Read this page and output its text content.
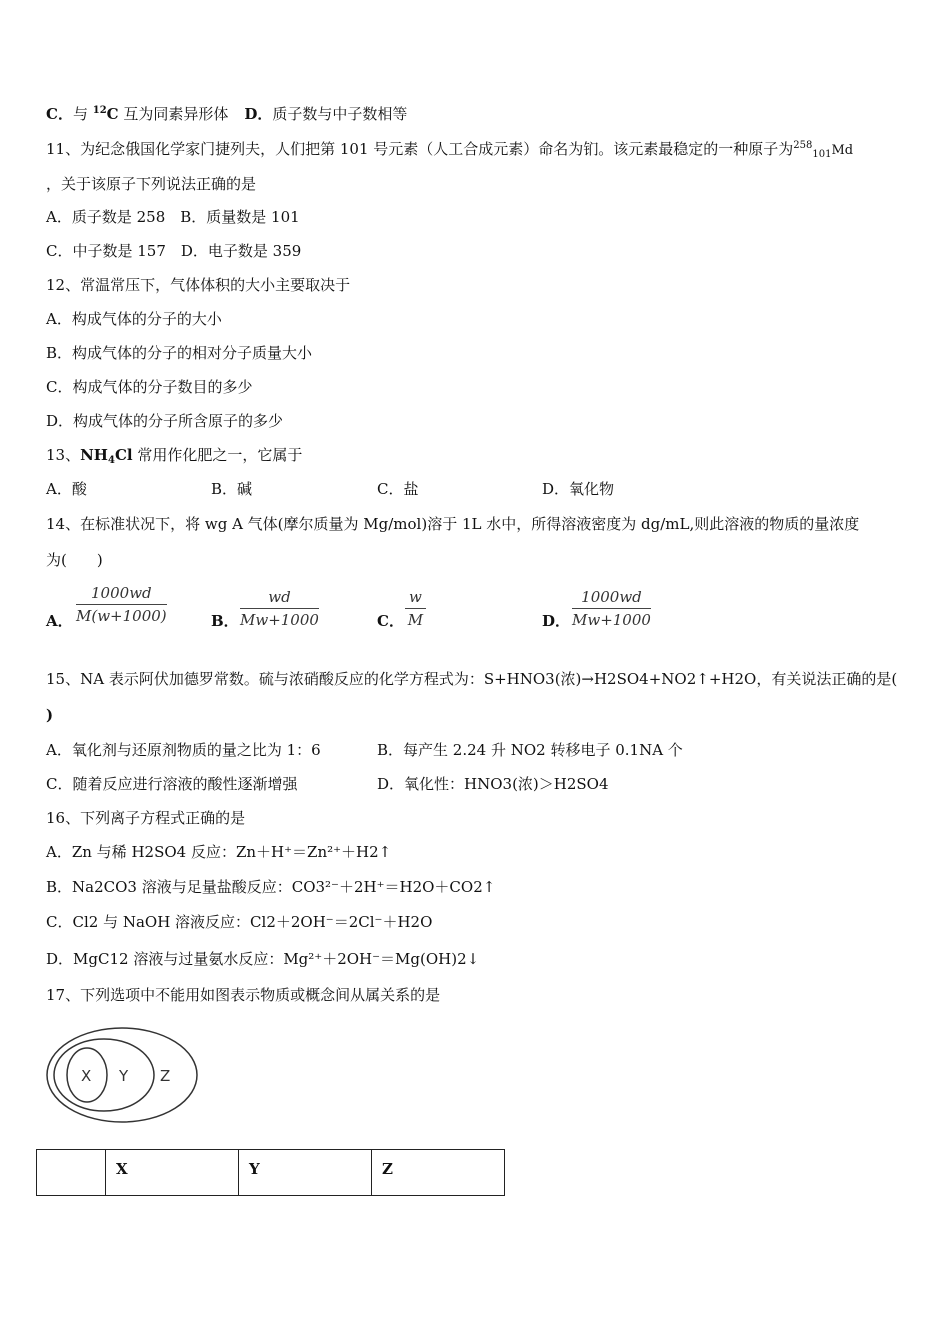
C．与 $^{12}$C 互为同素异形体 D．质子数与中子数相等
11、为纪念俄国化学家门捷列夫，人们把第 101 号元素（人工合成元素）命名为钔。该元素最稳定的一种原子为$^{258}_{101}$Md
，关于该原子下列说法正确的是
A．质子数是 258　B．质量数是 101
C．中子数是 157　D．电子数是 359
12、常温常压下，气体体积的大小主要取决于
A．构成气体的分子的大小
B．构成气体的分子的相对分子质量大小
C．构成气体的分子数目的多少
D．构成气体的分子所含原子的多少
13、$NH_4Cl$ 常用作化肥之一，它属于
A．酸	B．碱	C．盐	D．氧化物
14、在标准状况下，将 wg A 气体(摩尔质量为 Mg/mol)溶于 1L 水中，所得溶液密度为 dg/mL,则此溶液的物质的量浓度
为(　　)
A． $\frac{1000wd}{M(w+1000)}$	B． $\frac{wd}{Mw+1000}$	C． $\frac{w}{M}$	D． $\frac{1000wd}{Mw+1000}$
15、NA 表示阿伏加德罗常数。硫与浓硝酸反应的化学方程式为：S+HNO3(浓)→H2SO4+NO2↑+H2O，有关说法正确的是(
)
A．氧化剂与还原剂物质的量之比为 1：6	B．每产生 2.24 升 NO2 转移电子 0.1NA 个
C．随着反应进行溶液的酸性逐渐增强	D．氧化性：HNO3(浓)＞H2SO4
16、下列离子方程式正确的是
A．Zn 与稀 H2SO4 反应：Zn＋H⁺＝Zn²⁺＋H2↑
B．Na2CO3 溶液与足量盐酸反应：CO3²⁻＋2H⁺＝H2O＋CO2↑
C．Cl2 与 NaOH 溶液反应：Cl2＋2OH⁻＝2Cl⁻＋H2O
D．MgC12 溶液与过量氨水反应：Mg²⁺＋2OH⁻＝Mg(OH)2↓
17、下列选项中不能用如图表示物质或概念间从属关系的是
X Y Z
	X	Y	Z
